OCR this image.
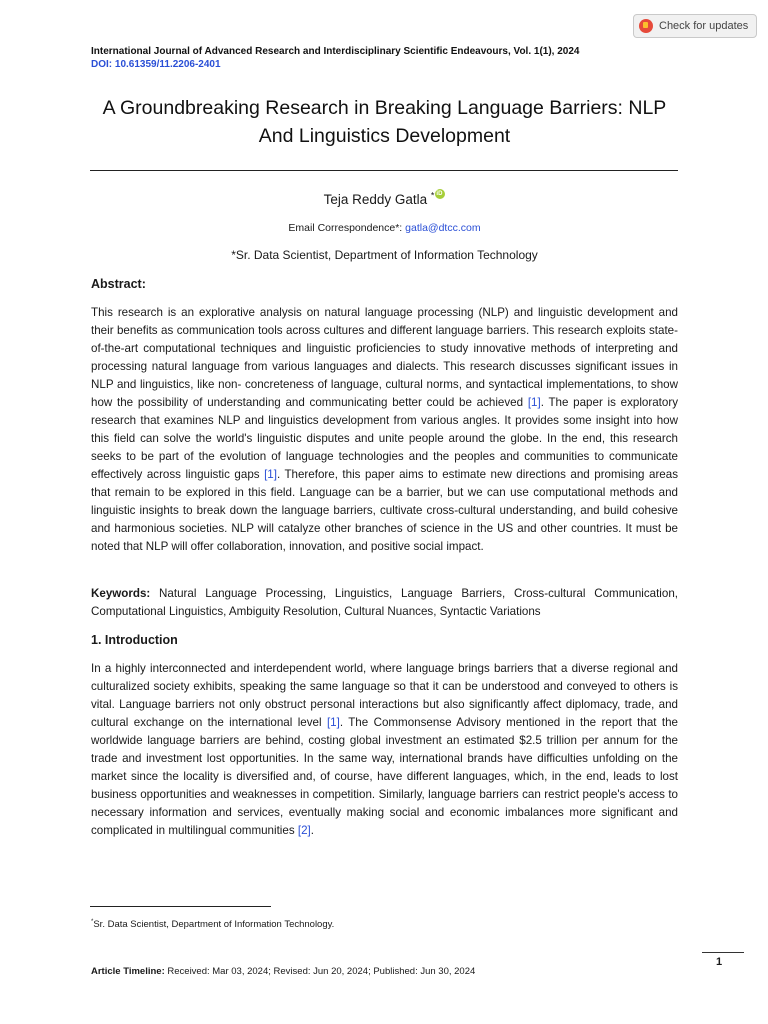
Check for updates
International Journal of Advanced Research and Interdisciplinary Scientific Endeavours, Vol. 1(1), 2024
DOI: 10.61359/11.2206-2401
A Groundbreaking Research in Breaking Language Barriers: NLP And Linguistics Development
Teja Reddy Gatla *iD
Email Correspondence*: gatla@dtcc.com
*Sr. Data Scientist, Department of Information Technology
Abstract:
This research is an explorative analysis on natural language processing (NLP) and linguistic development and their benefits as communication tools across cultures and different language barriers. This research exploits state-of-the-art computational techniques and linguistic proficiencies to study innovative methods of interpreting and processing natural language from various languages and dialects. This research discusses significant issues in NLP and linguistics, like non- concreteness of language, cultural norms, and syntactical implementations, to show how the possibility of understanding and communicating better could be achieved [1]. The paper is exploratory research that examines NLP and linguistics development from various angles. It provides some insight into how this field can solve the world's linguistic disputes and unite people around the globe. In the end, this research seeks to be part of the evolution of language technologies and the peoples and communities to communicate effectively across linguistic gaps [1]. Therefore, this paper aims to estimate new directions and promising areas that remain to be explored in this field. Language can be a barrier, but we can use computational methods and linguistic insights to break down the language barriers, cultivate cross-cultural understanding, and build cohesive and harmonious societies. NLP will catalyze other branches of science in the US and other countries. It must be noted that NLP will offer collaboration, innovation, and positive social impact.
Keywords: Natural Language Processing, Linguistics, Language Barriers, Cross-cultural Communication, Computational Linguistics, Ambiguity Resolution, Cultural Nuances, Syntactic Variations
1. Introduction
In a highly interconnected and interdependent world, where language brings barriers that a diverse regional and culturalized society exhibits, speaking the same language so that it can be understood and conveyed to others is vital. Language barriers not only obstruct personal interactions but also significantly affect diplomacy, trade, and cultural exchange on the international level [1]. The Commonsense Advisory mentioned in the report that the worldwide language barriers are behind, costing global investment an estimated $2.5 trillion per annum for the trade and investment lost opportunities. In the same way, international brands have difficulties unfolding on the market since the locality is diversified and, of course, have different languages, which, in the end, leads to lost business opportunities and weaknesses in competition. Similarly, language barriers can restrict people's access to necessary information and services, eventually making social and economic imbalances more significant and complicated in multilingual communities [2].
*Sr. Data Scientist, Department of Information Technology.
Article Timeline: Received: Mar 03, 2024; Revised: Jun 20, 2024; Published: Jun 30, 2024
1
